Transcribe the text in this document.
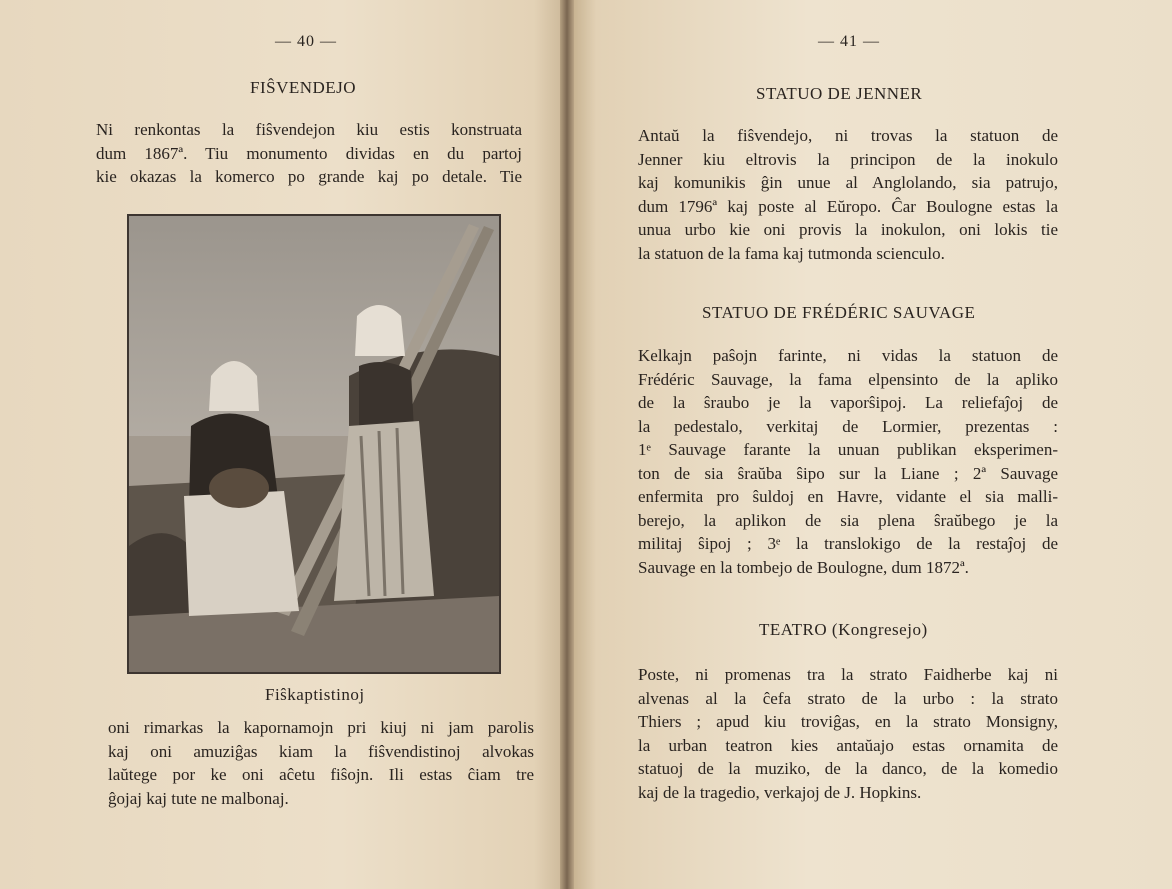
— 40 —
FIŜVENDEJO
Ni renkontas la fiŝvendejon kiu estis konstruata
dum 1867ª. Tiu monumento dividas en du partoj
kie okazas la komerco po grande kaj po detale. Tie
Fiŝkaptistinoj
oni rimarkas la kapornamojn pri kiuj ni jam parolis
kaj oni amuziĝas kiam la fiŝvendistinoj alvokas
laŭtege por ke oni aĉetu fiŝojn. Ili estas ĉiam tre
ĝojaj kaj tute ne malbonaj.
— 41 —
STATUO DE JENNER
Antaŭ la fiŝvendejo, ni trovas la statuon de
Jenner kiu eltrovis la principon de la inokulo
kaj komunikis ĝin unue al Anglolando, sia patrujo,
dum 1796ª kaj poste al Eŭropo. Ĉar Boulogne estas la
unua urbo kie oni provis la inokulon, oni lokis tie
la statuon de la fama kaj tutmonda scienculo.
STATUO DE FRÉDÉRIC SAUVAGE
Kelkajn paŝojn farinte, ni vidas la statuon de
Frédéric Sauvage, la fama elpensinto de la apliko
de la ŝraubo je la vaporŝipoj. La reliefaĵoj de
la pedestalo, verkitaj de Lormier, prezentas :
1ᵉ Sauvage farante la unuan publikan eksperimen-
ton de sia ŝraŭba ŝipo sur la Liane ; 2ª Sauvage
enfermita pro ŝuldoj en Havre, vidante el sia malli-
berejo, la aplikon de sia plena ŝraŭbego je la
militaj ŝipoj ; 3ᵉ la translokigo de la restaĵoj de
Sauvage en la tombejo de Boulogne, dum 1872ª.
TEATRO (Kongresejo)
Poste, ni promenas tra la strato Faidherbe kaj ni
alvenas al la ĉefa strato de la urbo : la strato
Thiers ; apud kiu troviĝas, en la strato Monsigny,
la urban teatron kies antaŭajo estas ornamita de
statuoj de la muziko, de la danco, de la komedio
kaj de la tragedio, verkajoj de J. Hopkins.
